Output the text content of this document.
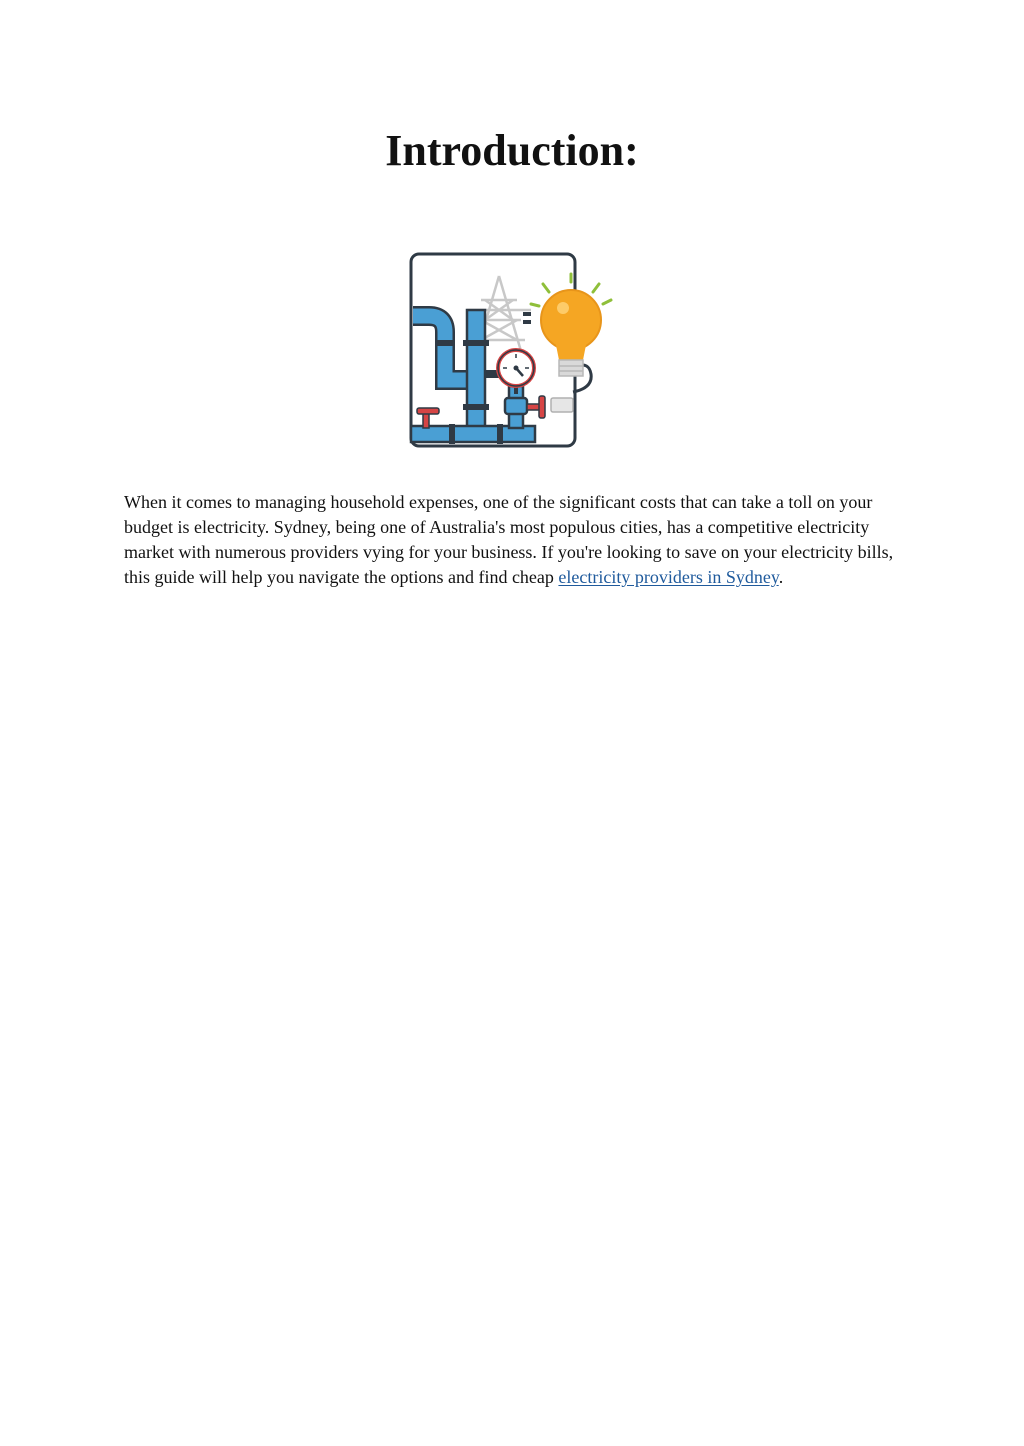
Introduction:

When it comes to managing household expenses, one of the significant costs that can take a toll on your budget is electricity. Sydney, being one of Australia's most populous cities, has a competitive electricity market with numerous providers vying for your business. If you're looking to save on your electricity bills, this guide will help you navigate the options and find cheap electricity providers in Sydney.
